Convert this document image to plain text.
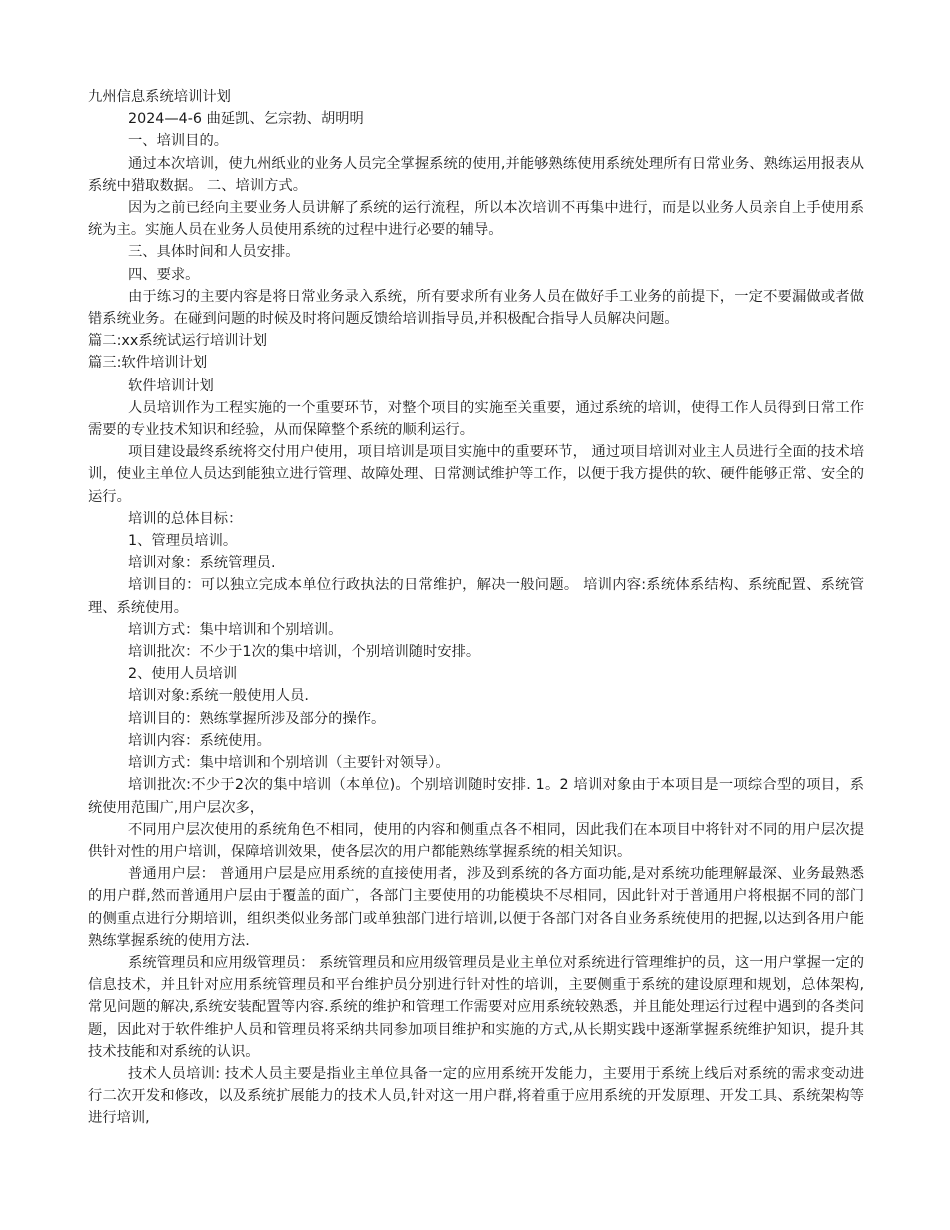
九州信息系统培训计划

2024—4-6 曲延凯、乞宗勃、胡明明

一、培训目的。

通过本次培训，使九州纸业的业务人员完全掌握系统的使用,并能够熟练使用系统处理所有日常业务、熟练运用报表从系统中猎取数据。 二、培训方式。

因为之前已经向主要业务人员讲解了系统的运行流程，所以本次培训不再集中进行，而是以业务人员亲自上手使用系统为主。实施人员在业务人员使用系统的过程中进行必要的辅导。

三、具体时间和人员安排。

四、要求。

由于练习的主要内容是将日常业务录入系统，所有要求所有业务人员在做好手工业务的前提下，一定不要漏做或者做错系统业务。在碰到问题的时候及时将问题反馈给培训指导员,并积极配合指导人员解决问题。

篇二:xx系统试运行培训计划

篇三:软件培训计划

软件培训计划

人员培训作为工程实施的一个重要环节，对整个项目的实施至关重要，通过系统的培训，使得工作人员得到日常工作需要的专业技术知识和经验，从而保障整个系统的顺利运行。

项目建设最终系统将交付用户使用，项目培训是项目实施中的重要环节， 通过项目培训对业主人员进行全面的技术培训，使业主单位人员达到能独立进行管理、故障处理、日常测试维护等工作，以便于我方提供的软、硬件能够正常、安全的运行。

培训的总体目标：

1、管理员培训。

培训对象：系统管理员.

培训目的：可以独立完成本单位行政执法的日常维护，解决一般问题。 培训内容:系统体系结构、系统配置、系统管理、系统使用。

培训方式：集中培训和个别培训。

培训批次：不少于1次的集中培训，个别培训随时安排。

2、使用人员培训

培训对象:系统一般使用人员.

培训目的：熟练掌握所涉及部分的操作。

培训内容：系统使用。

培训方式：集中培训和个别培训（主要针对领导）。

培训批次:不少于2次的集中培训（本单位)。个别培训随时安排. 1。2 培训对象由于本项目是一项综合型的项目，系统使用范围广,用户层次多，

不同用户层次使用的系统角色不相同，使用的内容和侧重点各不相同，因此我们在本项目中将针对不同的用户层次提供针对性的用户培训，保障培训效果，使各层次的用户都能熟练掌握系统的相关知识。

普通用户层： 普通用户层是应用系统的直接使用者，涉及到系统的各方面功能,是对系统功能理解最深、业务最熟悉的用户群,然而普通用户层由于覆盖的面广，各部门主要使用的功能模块不尽相同，因此针对于普通用户将根据不同的部门的侧重点进行分期培训，组织类似业务部门或单独部门进行培训,以便于各部门对各自业务系统使用的把握,以达到各用户能熟练掌握系统的使用方法.

系统管理员和应用级管理员： 系统管理员和应用级管理员是业主单位对系统进行管理维护的员，这一用户掌握一定的信息技术，并且针对应用系统管理员和平台维护员分别进行针对性的培训，主要侧重于系统的建设原理和规划，总体架构,常见问题的解决,系统安装配置等内容.系统的维护和管理工作需要对应用系统较熟悉，并且能处理运行过程中遇到的各类问题，因此对于软件维护人员和管理员将采纳共同参加项目维护和实施的方式,从长期实践中逐渐掌握系统维护知识，提升其技术技能和对系统的认识。

技术人员培训: 技术人员主要是指业主单位具备一定的应用系统开发能力，主要用于系统上线后对系统的需求变动进行二次开发和修改，以及系统扩展能力的技术人员,针对这一用户群,将着重于应用系统的开发原理、开发工具、系统架构等进行培训,
